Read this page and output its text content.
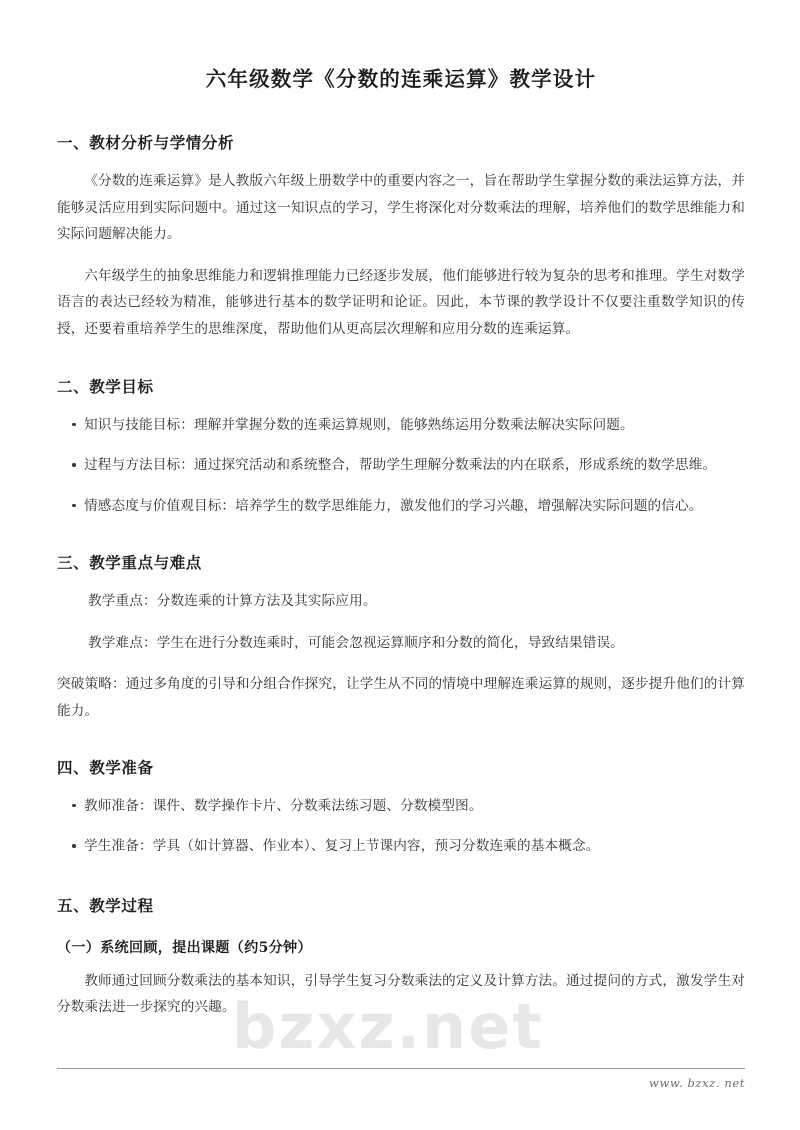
bzxz.net
六年级数学《分数的连乘运算》教学设计
一、教材分析与学情分析

《分数的连乘运算》是人教版六年级上册数学中的重要内容之一，旨在帮助学生掌握分数的乘法运算方法，并能够灵活应用到实际问题中。通过这一知识点的学习，学生将深化对分数乘法的理解，培养他们的数学思维能力和实际问题解决能力。

六年级学生的抽象思维能力和逻辑推理能力已经逐步发展，他们能够进行较为复杂的思考和推理。学生对数学语言的表达已经较为精准，能够进行基本的数学证明和论证。因此，本节课的教学设计不仅要注重数学知识的传授，还要着重培养学生的思维深度，帮助他们从更高层次理解和应用分数的连乘运算。

二、教学目标
知识与技能目标：理解并掌握分数的连乘运算规则，能够熟练运用分数乘法解决实际问题。
过程与方法目标：通过探究活动和系统整合，帮助学生理解分数乘法的内在联系，形成系统的数学思维。
情感态度与价值观目标：培养学生的数学思维能力，激发他们的学习兴趣，增强解决实际问题的信心。
三、教学重点与难点

教学重点：分数连乘的计算方法及其实际应用。

教学难点：学生在进行分数连乘时，可能会忽视运算顺序和分数的简化，导致结果错误。

突破策略：通过多角度的引导和分组合作探究，让学生从不同的情境中理解连乘运算的规则，逐步提升他们的计算能力。

四、教学准备
教师准备：课件、数学操作卡片、分数乘法练习题、分数模型图。
学生准备：学具（如计算器、作业本）、复习上节课内容，预习分数连乘的基本概念。
五、教学过程
（一）系统回顾，提出课题（约5分钟）

教师通过回顾分数乘法的基本知识，引导学生复习分数乘法的定义及计算方法。通过提问的方式，激发学生对分数乘法进一步探究的兴趣。

www. bzxz. net
